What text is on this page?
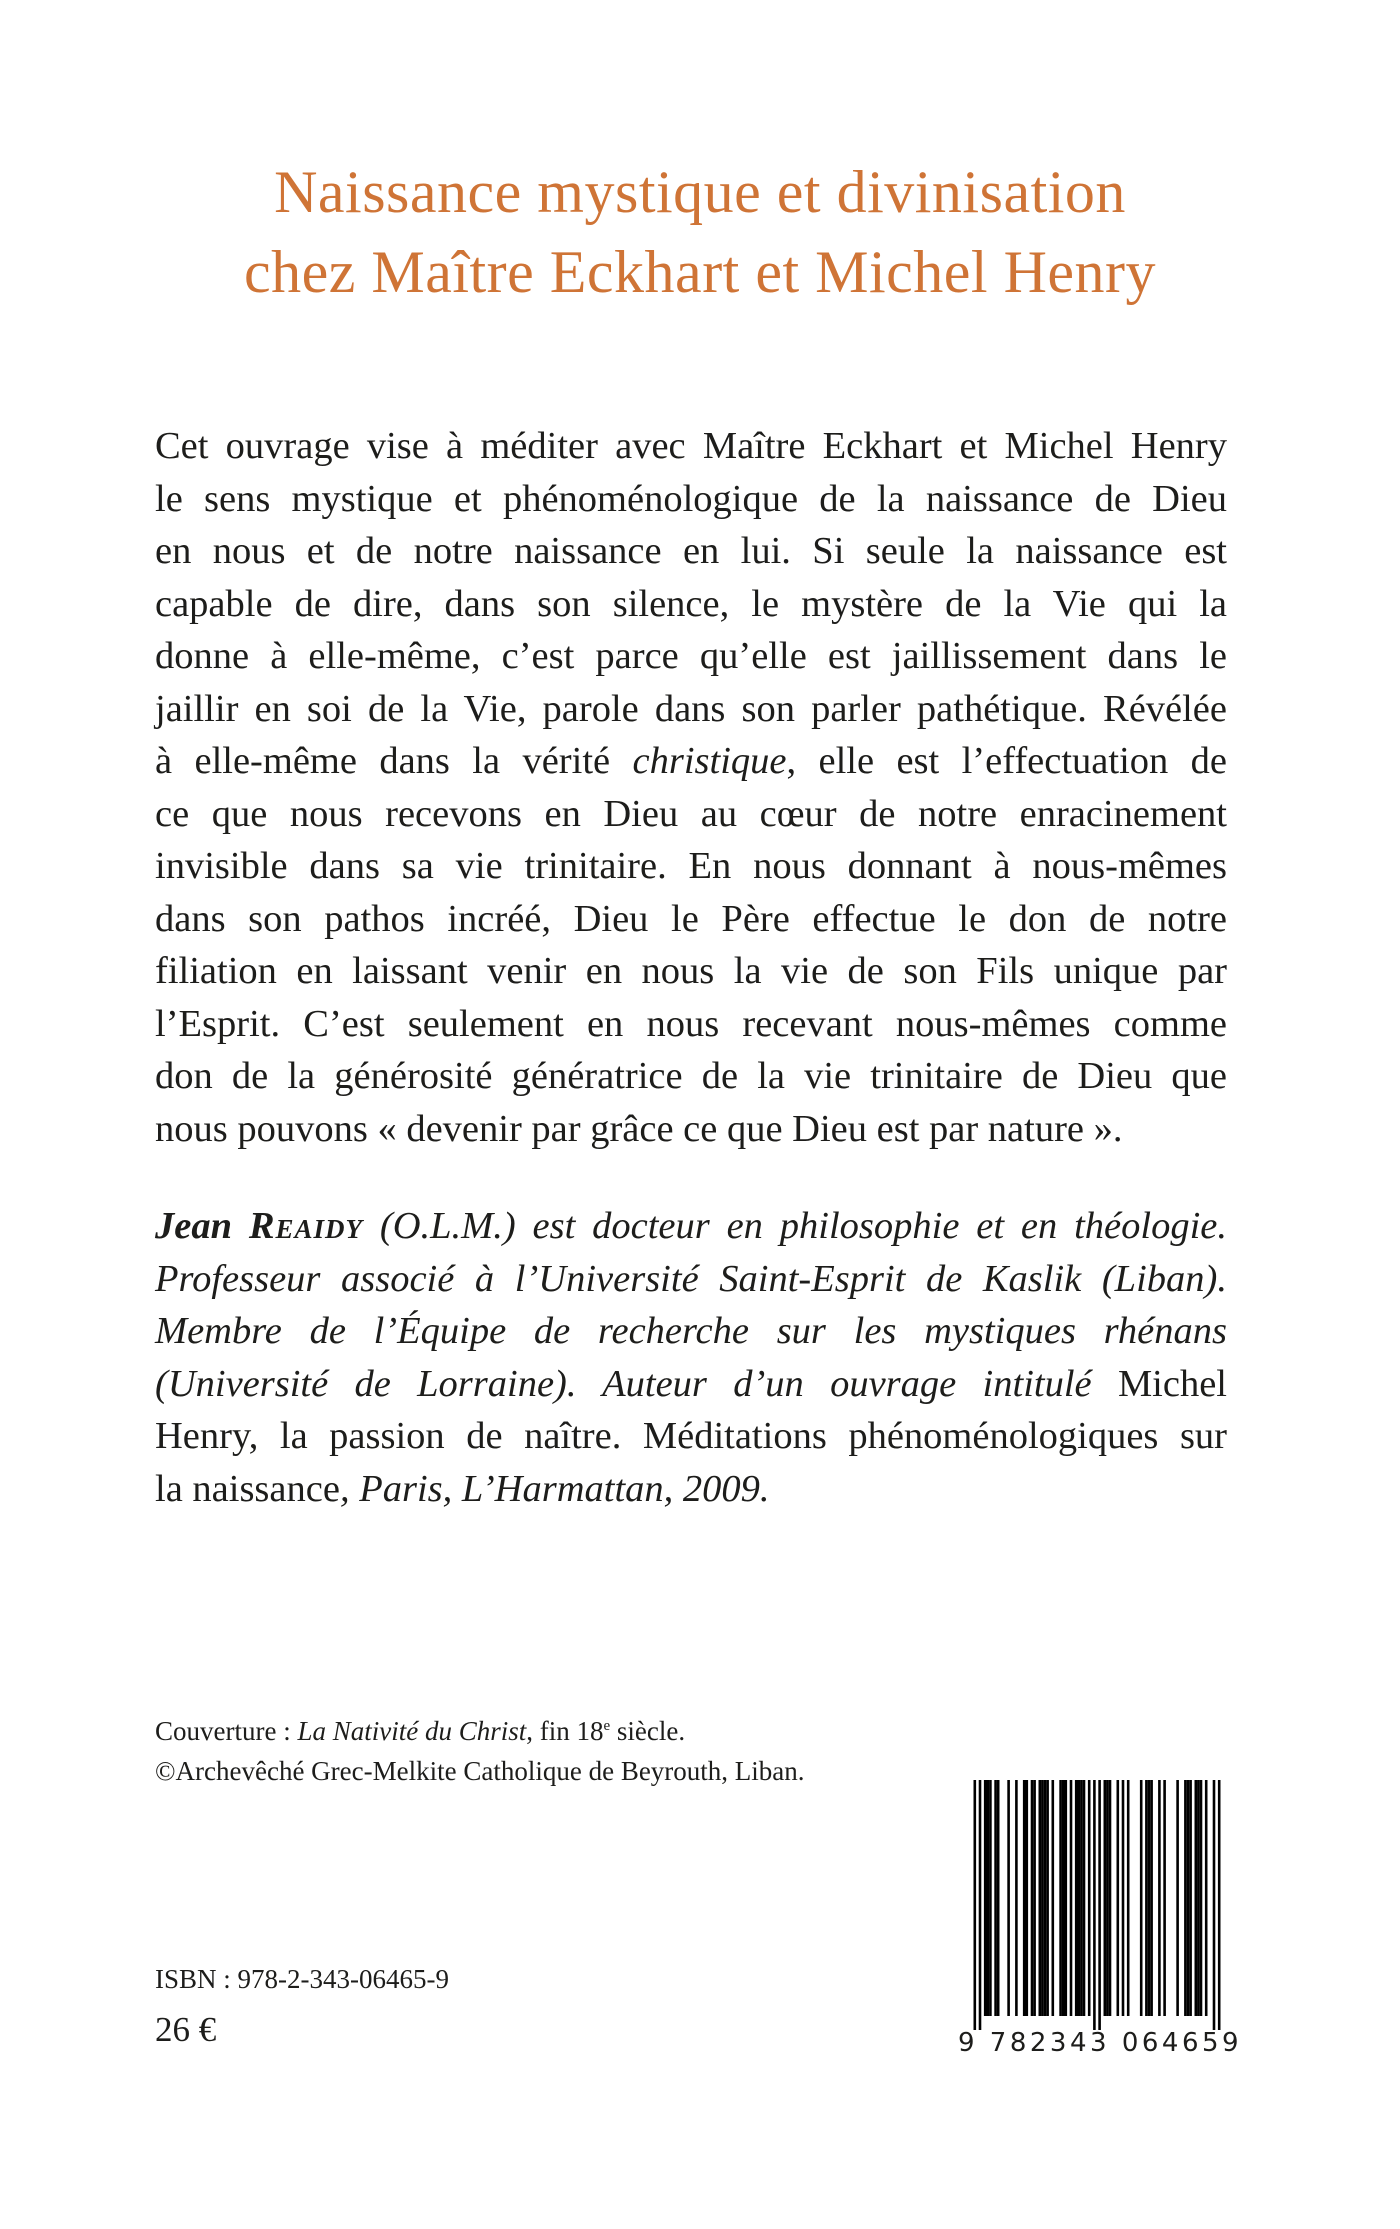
Naissance mystique et divinisation
chez Maître Eckhart et Michel Henry
Cet ouvrage vise à méditer avec Maître Eckhart et Michel Henry
le sens mystique et phénoménologique de la naissance de Dieu
en nous et de notre naissance en lui. Si seule la naissance est
capable de dire, dans son silence, le mystère de la Vie qui la
donne à elle-même, c’est parce qu’elle est jaillissement dans le
jaillir en soi de la Vie, parole dans son parler pathétique. Révélée
à elle-même dans la vérité christique, elle est l’effectuation de
ce que nous recevons en Dieu au cœur de notre enracinement
invisible dans sa vie trinitaire. En nous donnant à nous-mêmes
dans son pathos incréé, Dieu le Père effectue le don de notre
filiation en laissant venir en nous la vie de son Fils unique par
l’Esprit. C’est seulement en nous recevant nous-mêmes comme
don de la générosité génératrice de la vie trinitaire de Dieu que
nous pouvons « devenir par grâce ce que Dieu est par nature ».
Jean Reaidy (O.L.M.) est docteur en philosophie et en théologie.
Professeur associé à l’Université Saint-Esprit de Kaslik (Liban).
Membre de l’Équipe de recherche sur les mystiques rhénans
(Université de Lorraine). Auteur d’un ouvrage intitulé Michel
Henry, la passion de naître. Méditations phénoménologiques sur
la naissance, Paris, L’Harmattan, 2009.
Couverture : La Nativité du Christ, fin 18e siècle.
©Archevêché Grec-Melkite Catholique de Beyrouth, Liban.
ISBN : 978-2-343-06465-9
26 €	9 782343 064659
